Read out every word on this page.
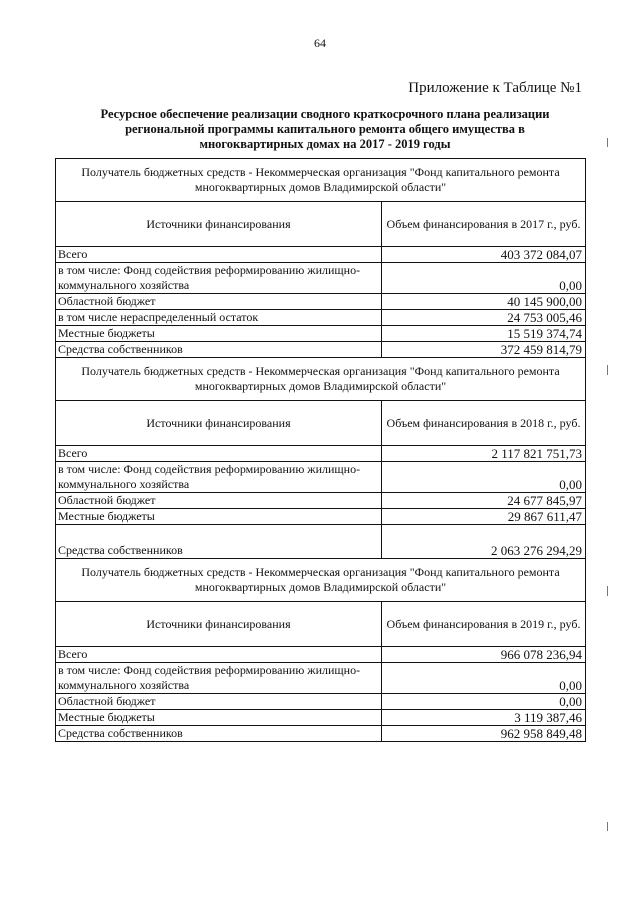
64
Приложение к Таблице №1
Ресурсное обеспечение реализации сводного краткосрочного плана реализации региональной программы капитального ремонта общего имущества в многоквартирных домах на 2017 - 2019 годы
Получатель бюджетных средств - Некоммерческая организация "Фонд капитального ремонта многоквартирных домов Владимирской области"	
Источники финансирования	Объем финансирования в 2017 г., руб.
Всего	403 372 084,07
в том числе: Фонд содействия реформированию жилищно-коммунального хозяйства	0,00
Областной бюджет	40 145 900,00
в том числе нераспределенный остаток	24 753 005,46
Местные бюджеты	15 519 374,74
Средства собственников	372 459 814,79
Получатель бюджетных средств - Некоммерческая организация "Фонд капитального ремонта многоквартирных домов Владимирской области"	
Источники финансирования	Объем финансирования в 2018 г., руб.
Всего	2 117 821 751,73
в том числе: Фонд содействия реформированию жилищно-коммунального хозяйства	0,00
Областной бюджет	24 677 845,97
Местные бюджеты	29 867 611,47
Средства собственников	2 063 276 294,29
Получатель бюджетных средств - Некоммерческая организация "Фонд капитального ремонта многоквартирных домов Владимирской области"	
Источники финансирования	Объем финансирования в 2019 г., руб.
Всего	966 078 236,94
в том числе: Фонд содействия реформированию жилищно-коммунального хозяйства	0,00
Областной бюджет	0,00
Местные бюджеты	3 119 387,46
Средства собственников	962 958 849,48
